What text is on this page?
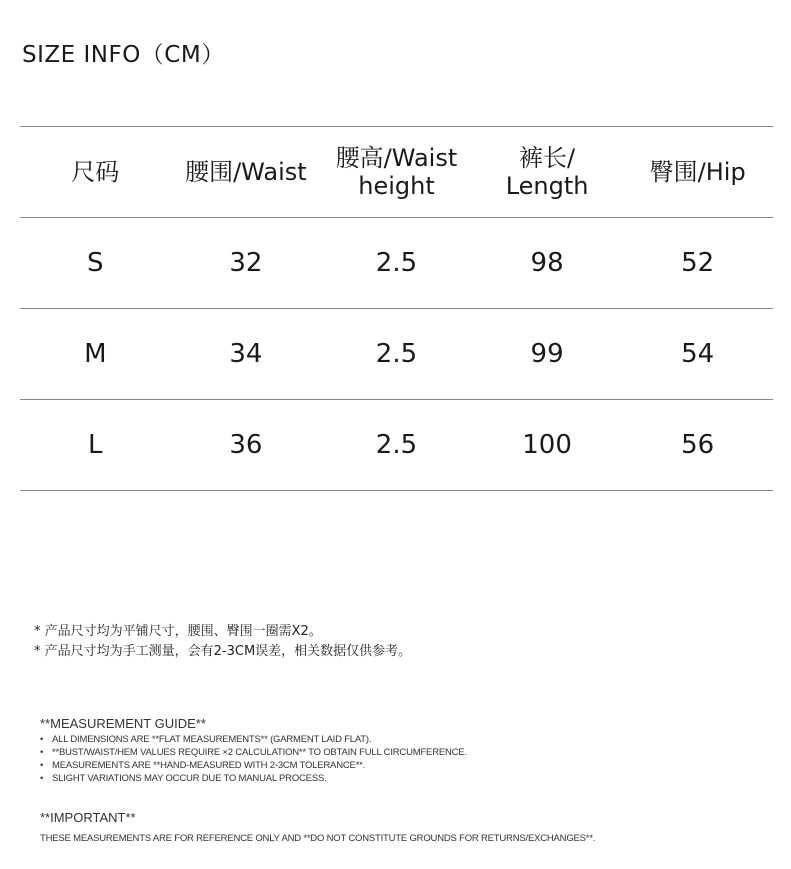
SIZE INFO（CM）
尺码	腰围/Waist	腰高/Waist height	裤长/ Length	臀围/Hip
S	32	2.5	98	52
M	34	2.5	99	54
L	36	2.5	100	56
* 产品尺寸均为平铺尺寸，腰围、臀围一圈需X2。
* 产品尺寸均为手工测量，会有2-3CM误差，相关数据仅供参考。
**MEASUREMENT GUIDE**
• ALL DIMENSIONS ARE **FLAT MEASUREMENTS** (GARMENT LAID FLAT).
• **BUST/WAIST/HEM VALUES REQUIRE ×2 CALCULATION** TO OBTAIN FULL CIRCUMFERENCE.
• MEASUREMENTS ARE **HAND-MEASURED WITH 2-3CM TOLERANCE**.
• SLIGHT VARIATIONS MAY OCCUR DUE TO MANUAL PROCESS.
**IMPORTANT**
THESE MEASUREMENTS ARE FOR REFERENCE ONLY AND **DO NOT CONSTITUTE GROUNDS FOR RETURNS/EXCHANGES**.
